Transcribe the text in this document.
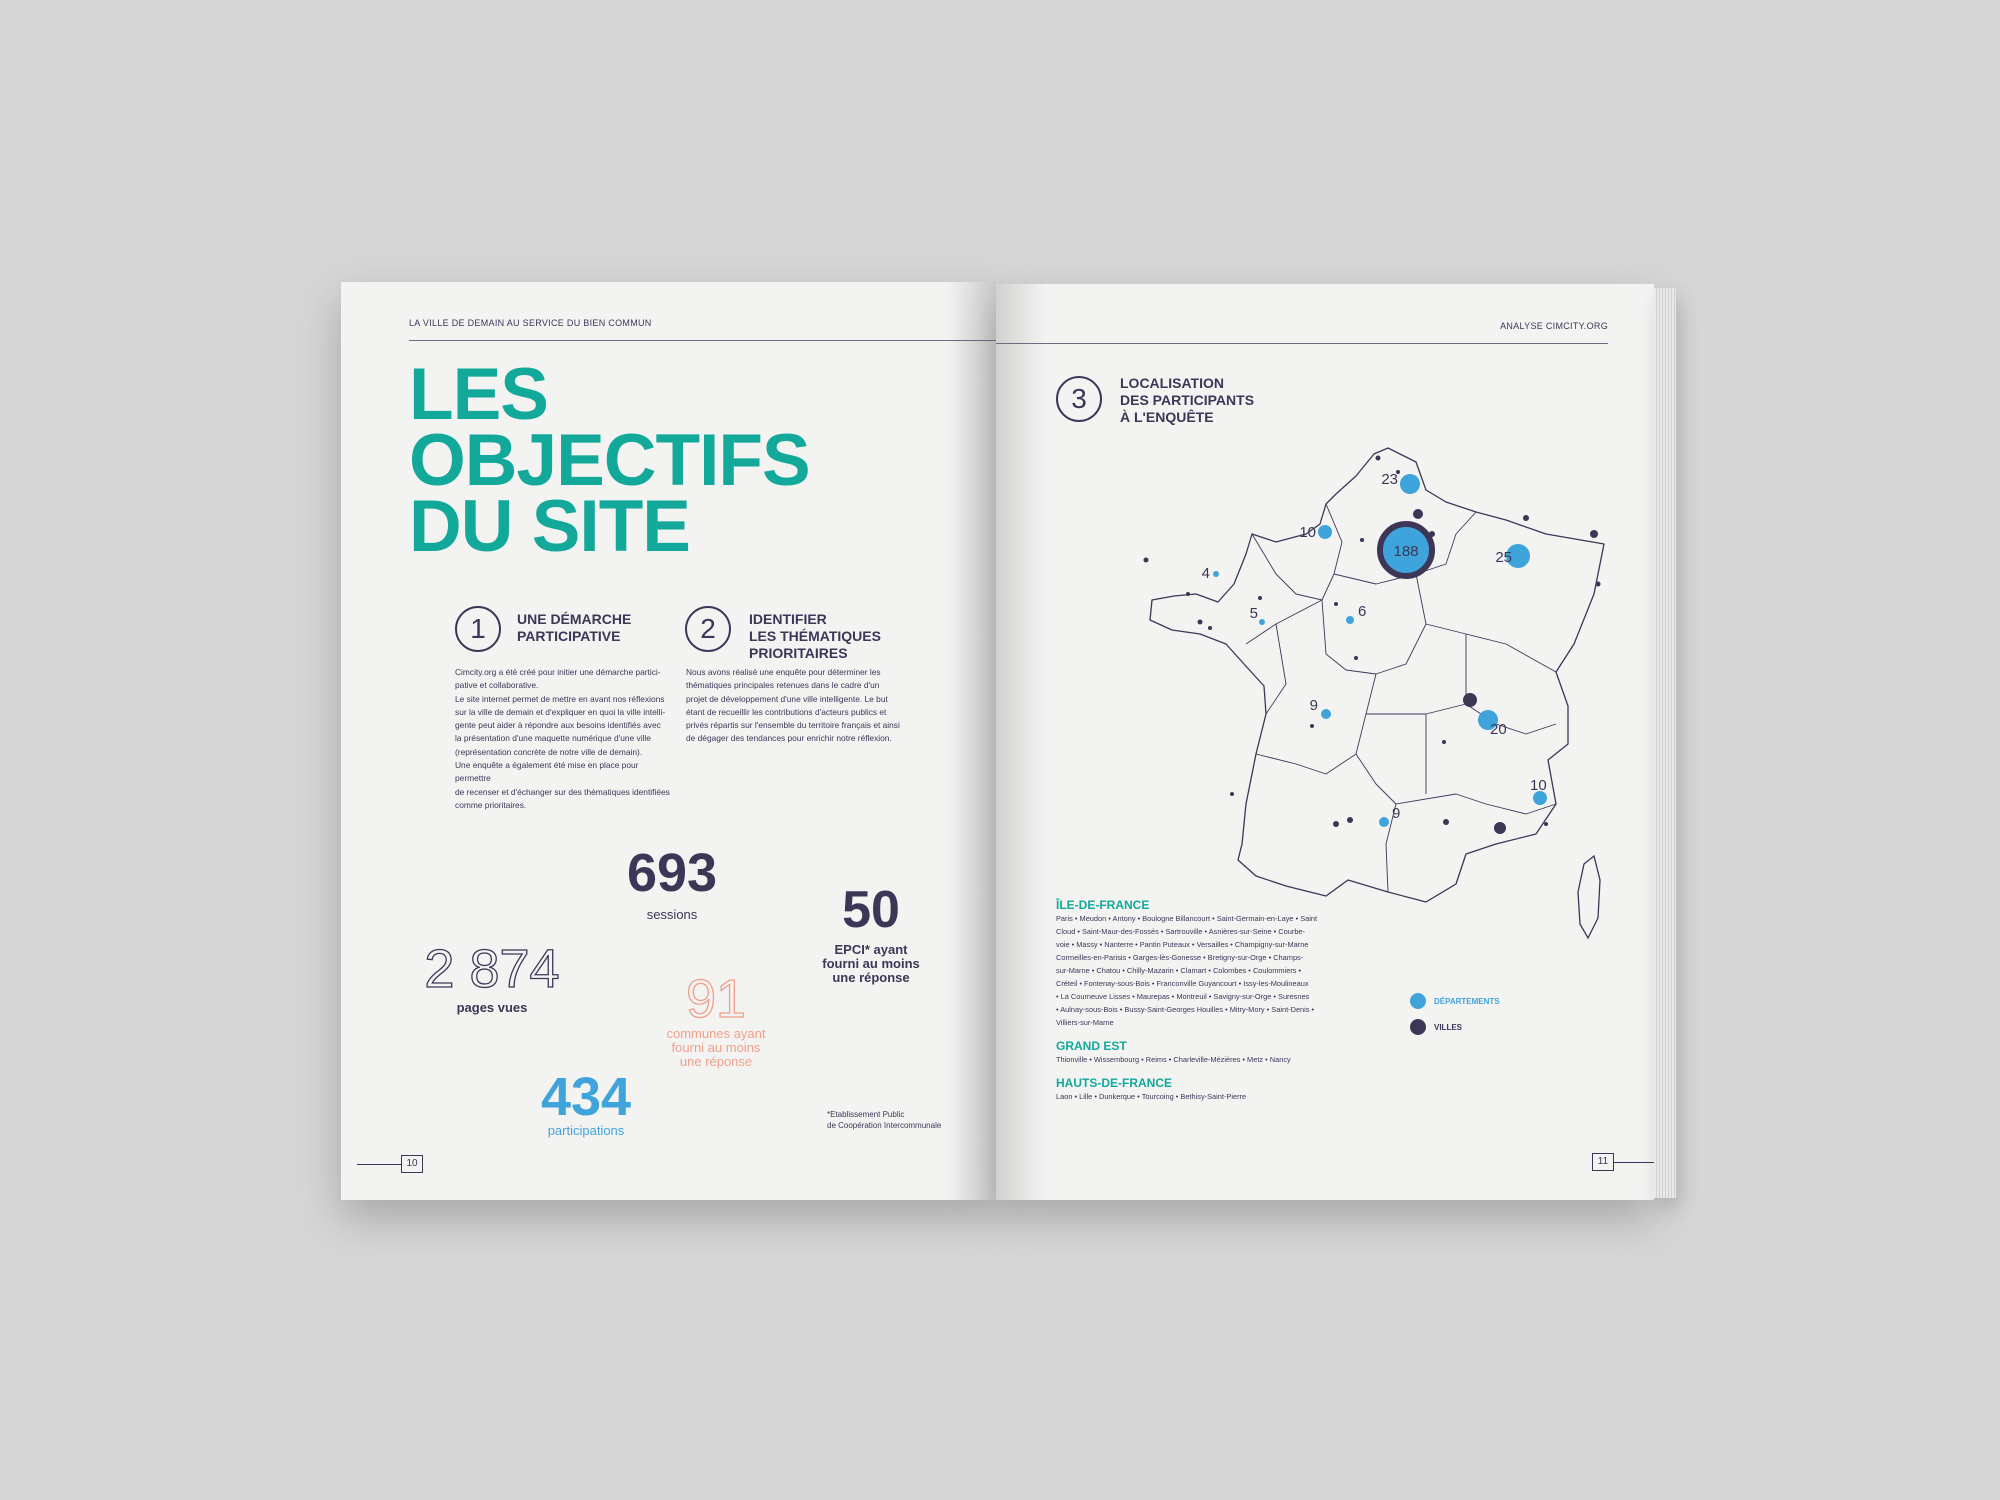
LA VILLE DE DEMAIN AU SERVICE DU BIEN COMMUN
LES
OBJECTIFS
DU SITE
1	UNE DÉMARCHE
PARTICIPATIVE
Cimcity.org a été créé pour initier une démarche partici-
pative et collaborative.
Le site internet permet de mettre en avant nos réflexions
sur la ville de demain et d'expliquer en quoi la ville intelli-
gente peut aider à répondre aux besoins identifiés avec
la présentation d'une maquette numérique d'une ville
(représentation concrète de notre ville de demain).
Une enquête a également été mise en place pour permettre
de recenser et d'échanger sur des thématiques identifiées
comme prioritaires.
2	IDENTIFIER
LES THÉMATIQUES
PRIORITAIRES
Nous avons réalisé une enquête pour déterminer les
thématiques principales retenues dans le cadre d'un
projet de développement d'une ville intelligente. Le but
étant de recueillir les contributions d'acteurs publics et
privés répartis sur l'ensemble du territoire français et ainsi
de dégager des tendances pour enrichir notre réflexion.
693
sessions	50
EPCI* ayant
fourni au moins
une réponse
2 874
pages vues	91
communes ayant
fourni au moins
une réponse
434
participations
*Etablissement Public
de Coopération Intercommunale
10
ANALYSE CIMCITY.ORG
3	LOCALISATION
DES PARTICIPANTS
À L'ENQUÊTE
23
10
188	25
4
5	6
9
20
10
9
ÎLE-DE-FRANCE
Paris • Meudon • Antony • Boulogne Billancourt • Saint-Germain-en-Laye • Saint
Cloud • Saint-Maur-des-Fossés • Sartrouville • Asnières-sur-Seine • Courbe-
voie • Massy • Nanterre • Pantin Puteaux • Versailles • Champigny-sur-Marne
Cormeilles-en-Parisis • Garges-lès-Gonesse • Bretigny-sur-Orge • Champs-
sur-Marne • Chatou • Chilly-Mazarin • Clamart • Colombes • Coulommiers •
Créteil • Fontenay-sous-Bois • Franconville Guyancourt • Issy-les-Moulineaux
• La Courneuve Lisses • Maurepas • Montreuil • Savigny-sur-Orge • Suresnes
• Aulnay-sous-Bois • Bussy-Saint-Georges Houilles • Mitry-Mory • Saint-Denis •
Villiers-sur-Marne
GRAND EST
Thionville • Wissembourg • Reims • Charleville-Mézières • Metz • Nancy
HAUTS-DE-FRANCE
Laon • Lille • Dunkerque • Tourcoing • Bethisy-Saint-Pierre
DÉPARTEMENTS
VILLES
11
